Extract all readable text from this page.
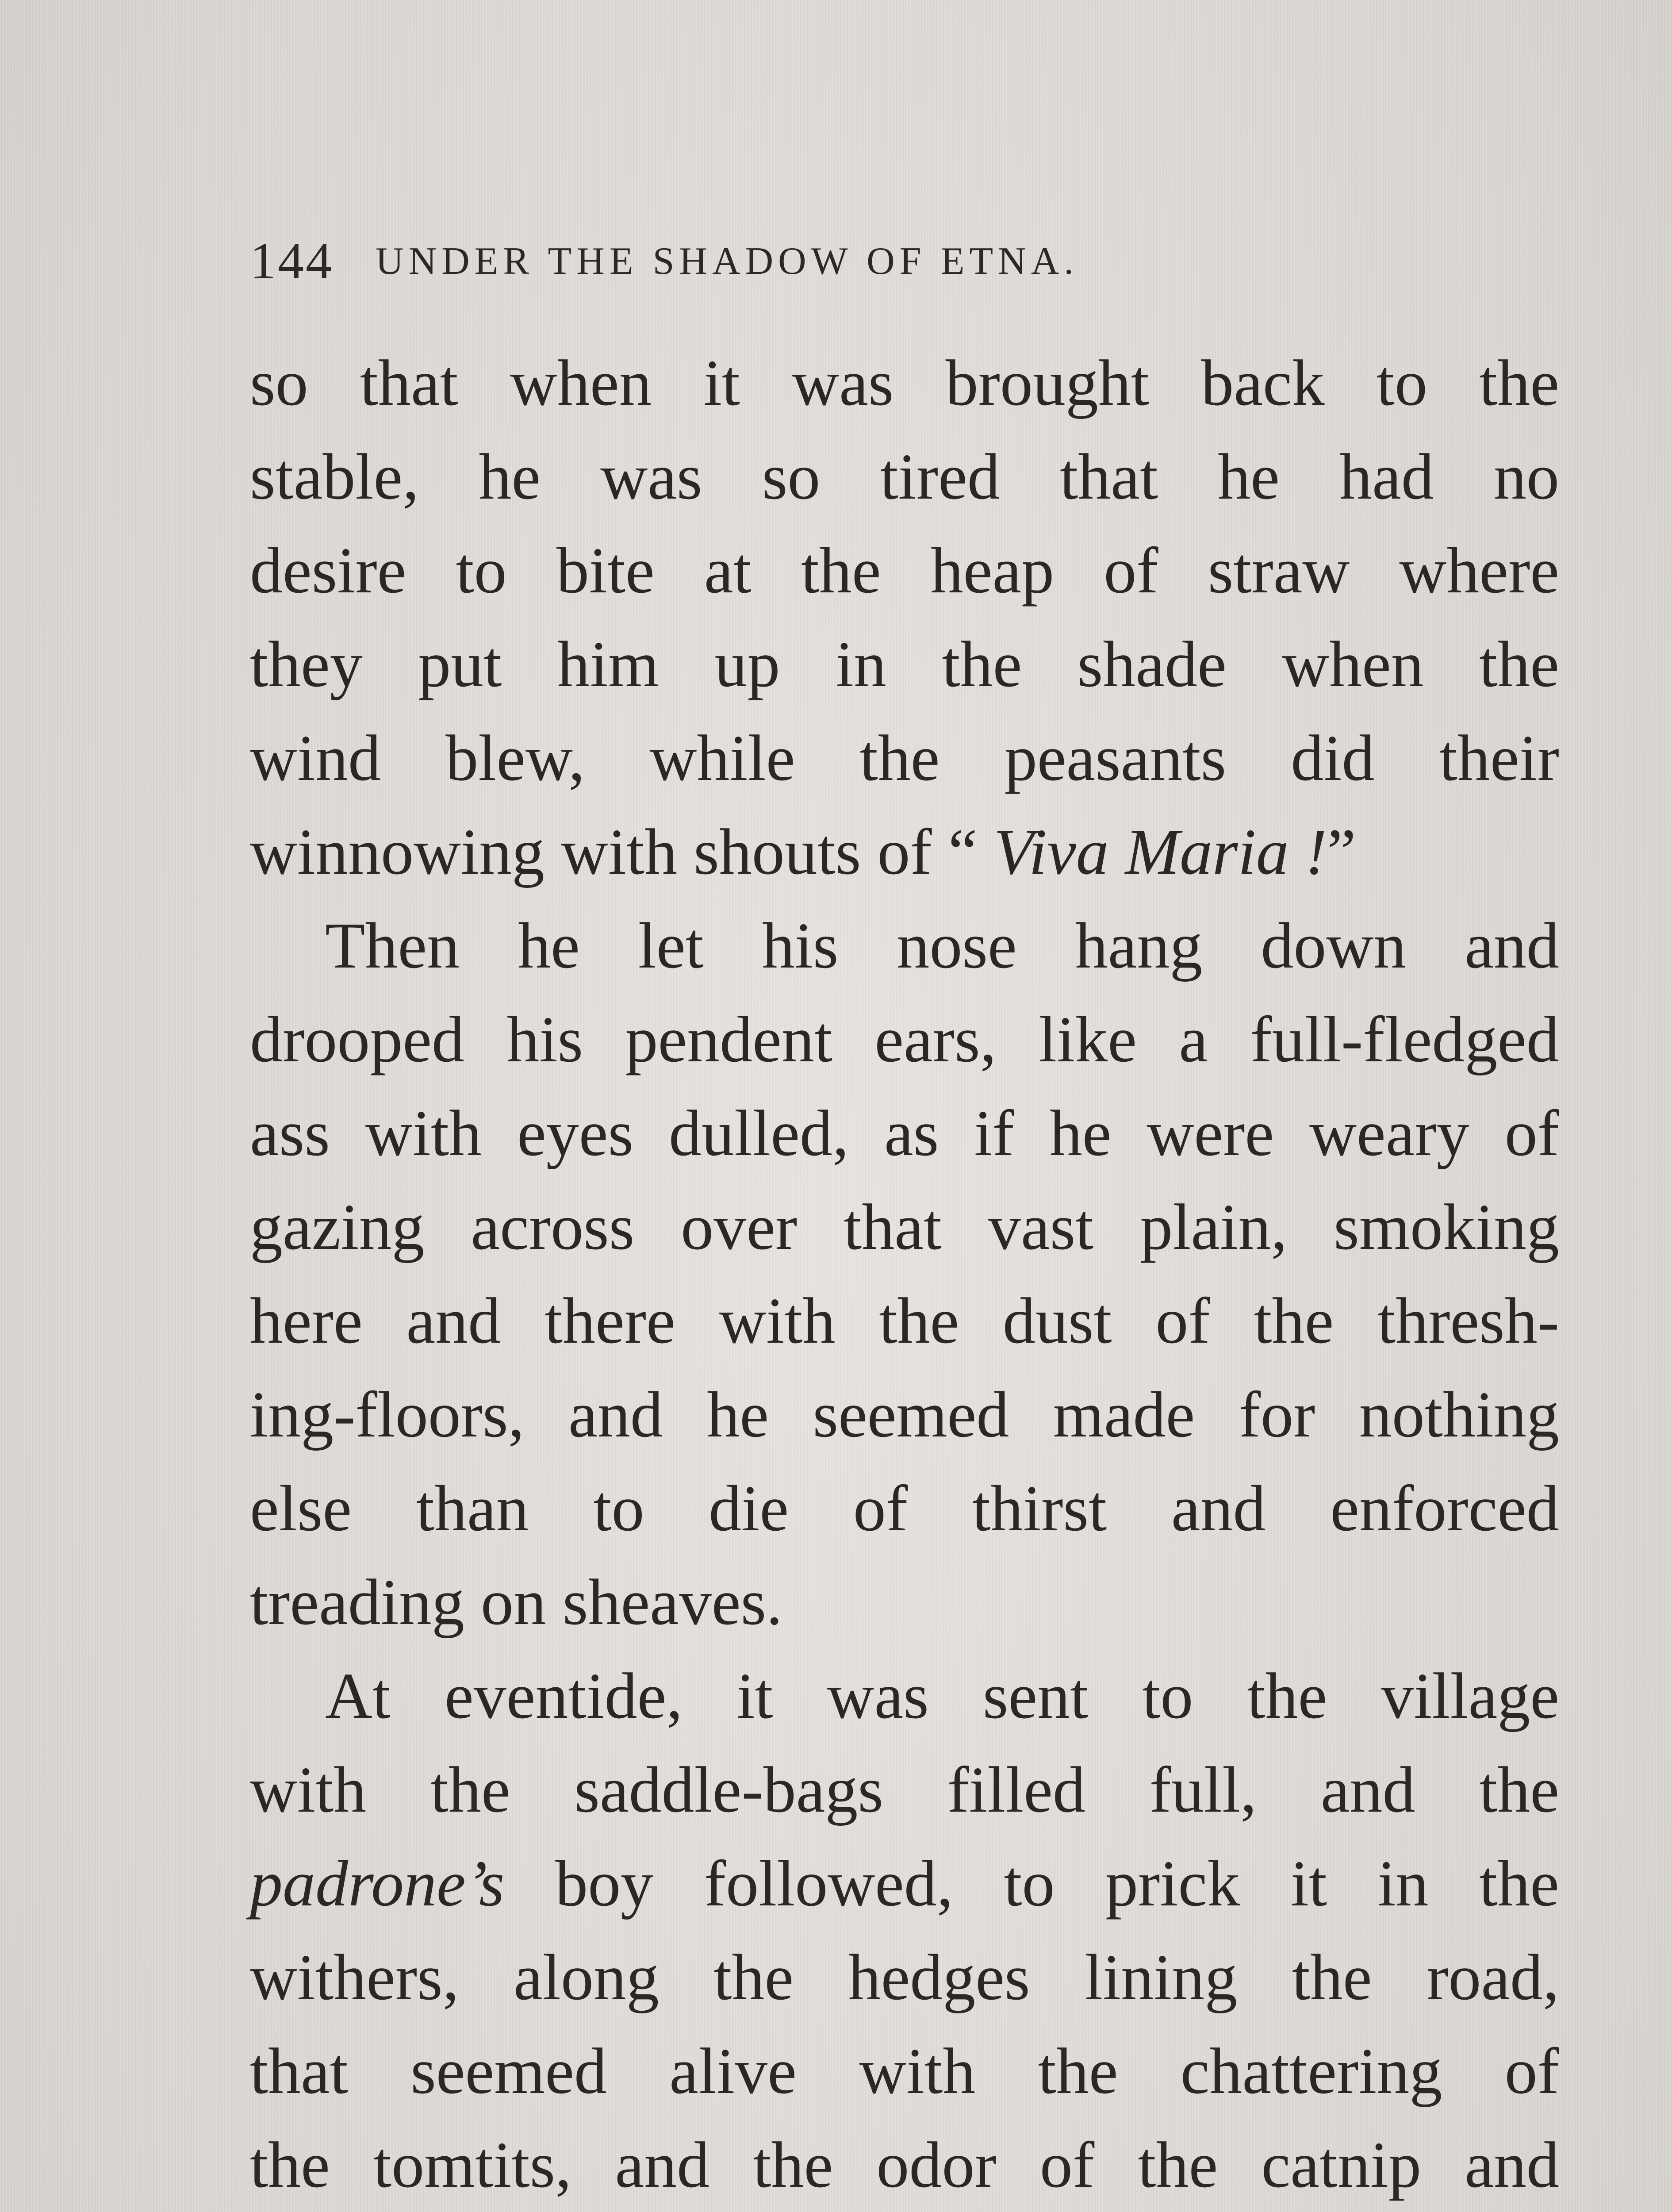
144 UNDER THE SHADOW OF ETNA.
so that when it was brought back to the
stable, he was so tired that he had no
desire to bite at the heap of straw where
they put him up in the shade when the
wind blew, while the peasants did their
winnowing with shouts of “ Viva Maria !”
Then he let his nose hang down and
drooped his pendent ears, like a full-fledged
ass with eyes dulled, as if he were weary of
gazing across over that vast plain, smoking
here and there with the dust of the thresh-
ing-floors, and he seemed made for nothing
else than to die of thirst and enforced
treading on sheaves.
At eventide, it was sent to the village
with the saddle-bags filled full, and the
padrone’s boy followed, to prick it in the
withers, along the hedges lining the road,
that seemed alive with the chattering of
the tomtits, and the odor of the catnip and
